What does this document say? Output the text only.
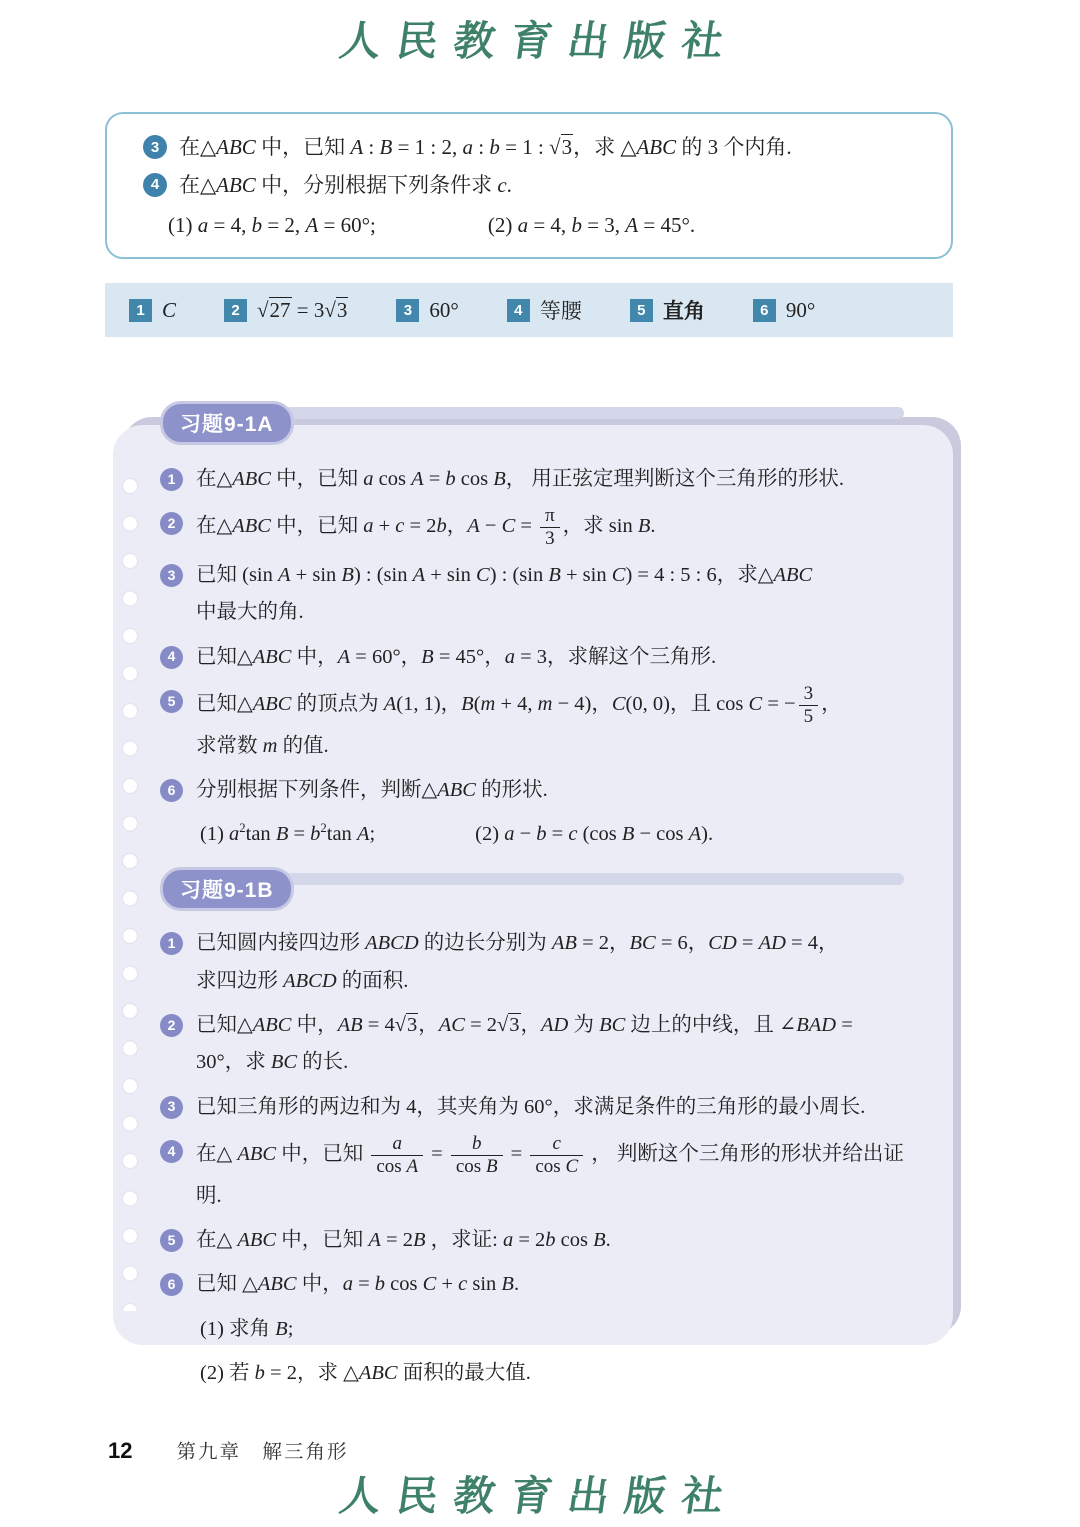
人民教育出版社
3 在△ABC 中，已知 A : B = 1 : 2, a : b = 1 : √3，求 △ABC 的 3 个内角.
4 在△ABC 中，分别根据下列条件求 c.
(1) a = 4, b = 2, A = 60°;	(2) a = 4, b = 3, A = 45°.
1 C	2 √27 = 3√3	3 60°	4 等腰	5 直角	6 90°
习题9-1A
1	在△ABC 中，已知 a cos A = b cos B， 用正弦定理判断这个三角形的形状.
2	在△ABC 中，已知 a + c = 2b，$A - C = \frac{\pi}{3}$ ，求 sin B.
3	已知 (sin A + sin B) : (sin A + sin C) : (sin B + sin C) = 4 : 5 : 6，求△ABC
中最大的角.
4	已知△ABC 中，A = 60°，B = 45°，a = 3，求解这个三角形.
5	已知△ABC 的顶点为 A(1, 1)，B(m + 4, m − 4)，C(0, 0)，且 cos C = − $\frac{3}{5}$ ，
求常数 m 的值.
6	分别根据下列条件，判断△ABC 的形状.
(1) $a^2\tan$ $B = b^2\tan$ A;	(2) a − b = c (cos B − cos A).
习题9-1B
1	已知圆内接四边形 ABCD 的边长分别为 AB = 2，BC = 6，CD = AD = 4，
求四边形 ABCD 的面积.
2	已知△ABC 中，AB = 4√3，AC = 2√3，AD 为 BC 边上的中线，且 ∠BAD =
30°，求 BC 的长.
3	已知三角形的两边和为 4，其夹角为 60°，求满足条件的三角形的最小周长.
4	在△ ABC 中，已知 $\frac{a}{\text{cos A}} = \frac{b}{\text{cos B}} = \frac{c}{\text{cos C}}$ ， 判断这个三角形的形状并给出证明.
5	在△ ABC 中，已知 A = 2B ，求证: a = 2b cos B.
6	已知 △ABC 中，a = b cos C + c sin B.
(1) 求角 B;
(2) 若 b = 2，求 △ABC 面积的最大值.
12 第九章　解三角形
人民教育出版社
